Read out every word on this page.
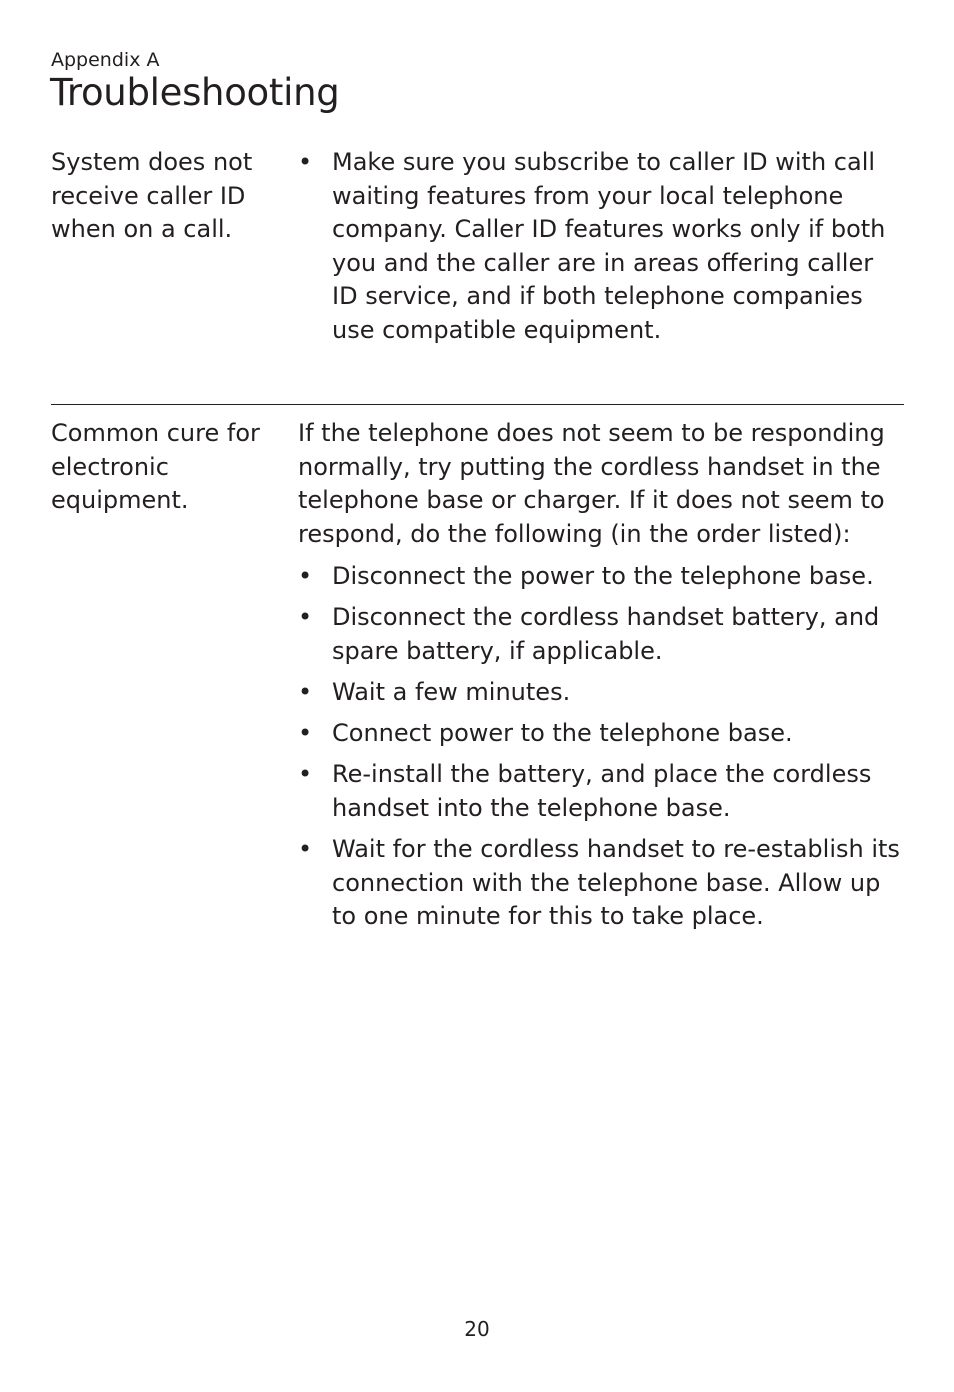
Appendix A
Troubleshooting
System does not receive caller ID when on a call.
• Make sure you subscribe to caller ID with call waiting features from your local telephone company. Caller ID features works only if both you and the caller are in areas offering caller ID service, and if both telephone companies use compatible equipment.
Common cure for electronic equipment.

If the telephone does not seem to be responding normally, try putting the cordless handset in the telephone base or charger. If it does not seem to respond, do the following (in the order listed):

• Disconnect the power to the telephone base.
• Disconnect the cordless handset battery, and spare battery, if applicable.
• Wait a few minutes.
• Connect power to the telephone base.
• Re-install the battery, and place the cordless handset into the telephone base.
• Wait for the cordless handset to re-establish its connection with the telephone base. Allow up to one minute for this to take place.
20
